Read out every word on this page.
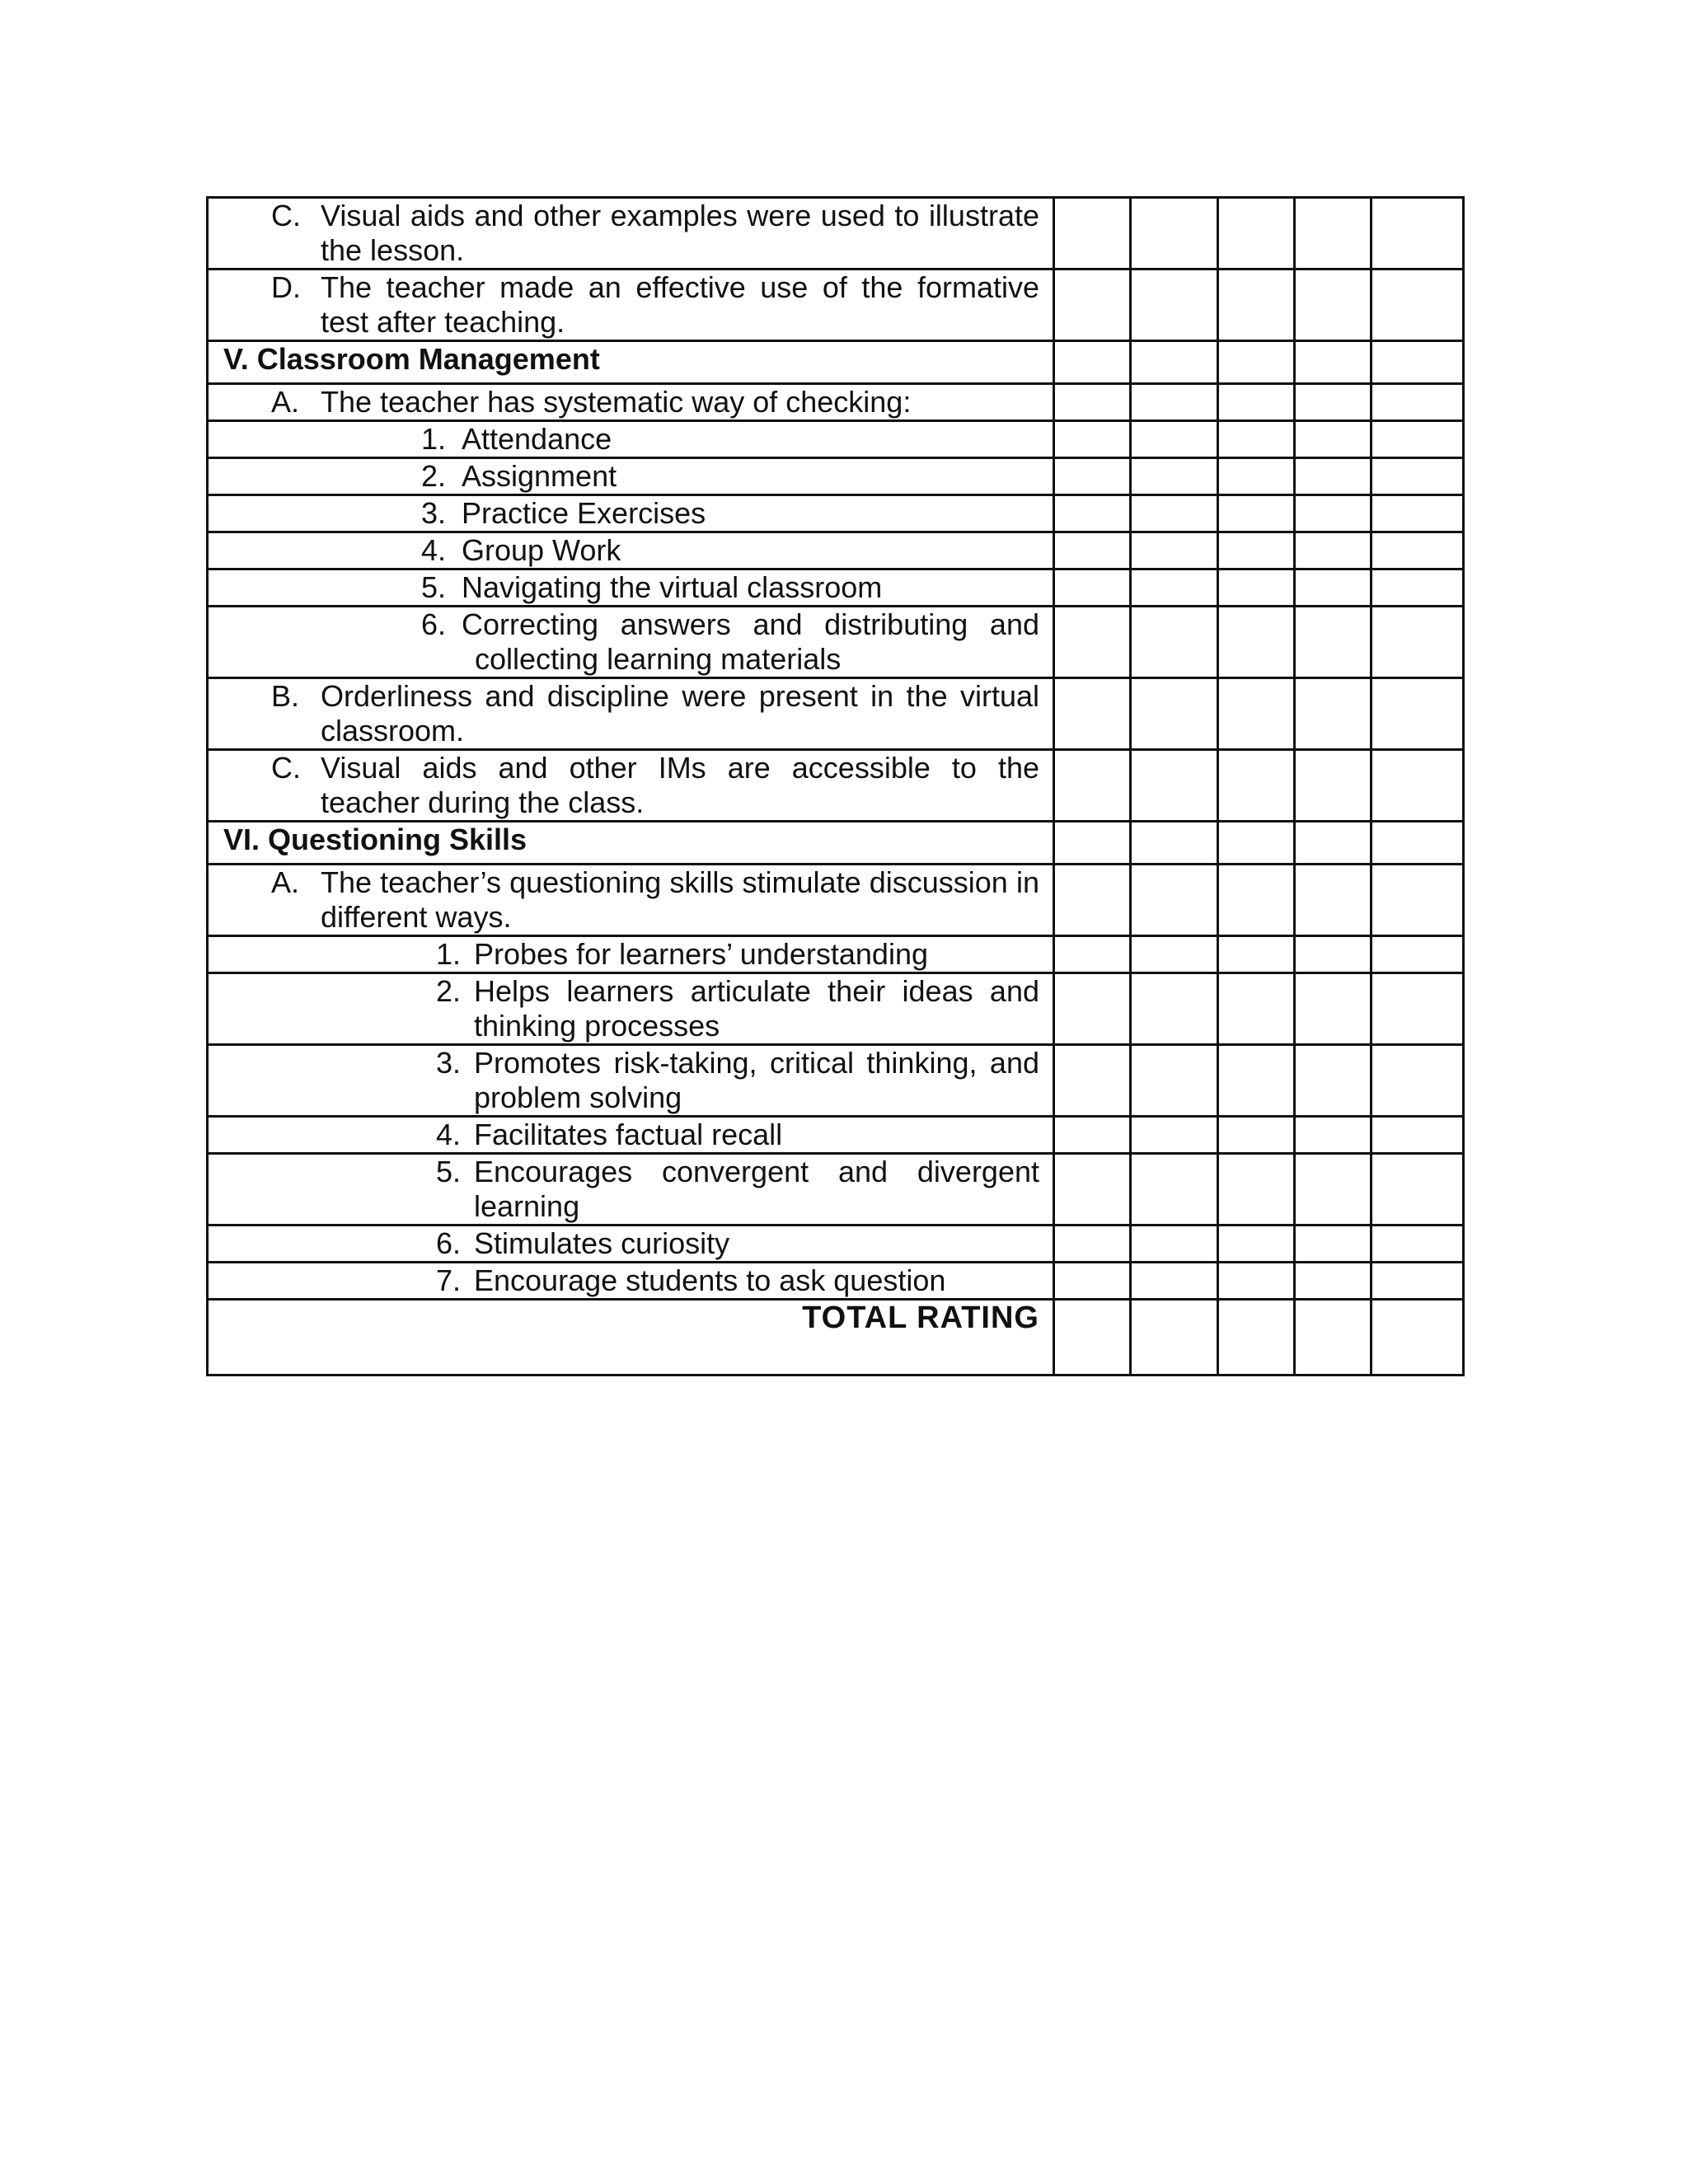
C. Visual aids and other examples were used to illustrate the lesson.					

D. The teacher made an effective use of the formative test after teaching.					

V. Classroom Management					

A. The teacher has systematic way of checking:					

1. Attendance					

2. Assignment					

3. Practice Exercises					

4. Group Work					

5. Navigating the virtual classroom					

6. Correcting answers and distributing and
collecting learning materials					

B. Orderliness and discipline were present in the virtual classroom.					

C. Visual aids and other IMs are accessible to the teacher during the class.					

VI. Questioning Skills					

A. The teacher’s questioning skills stimulate discussion in different ways.					

1. Probes for learners’ understanding					

2. Helps learners articulate their ideas and thinking processes					

3. Promotes risk-taking, critical thinking, and problem solving					

4. Facilitates factual recall					

5. Encourages convergent and divergent learning					

6. Stimulates curiosity					

7. Encourage students to ask question					

TOTAL RATING					
